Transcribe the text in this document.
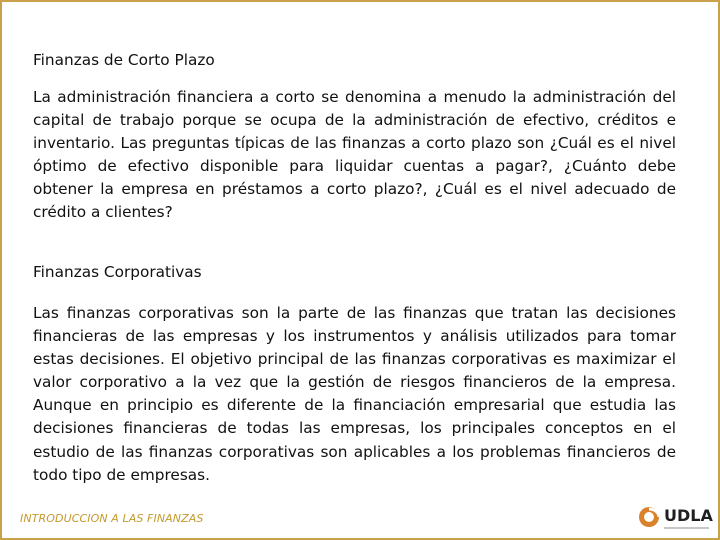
Finanzas de Corto Plazo
La administración financiera a corto se denomina a menudo la administración del capital de trabajo porque se ocupa de la administración de efectivo, créditos e inventario. Las preguntas típicas de las finanzas a corto plazo son ¿Cuál es el nivel óptimo de efectivo disponible para liquidar cuentas a pagar?, ¿Cuánto debe obtener la empresa en préstamos a corto plazo?, ¿Cuál es el nivel adecuado de crédito a clientes?
Finanzas Corporativas
Las finanzas corporativas son la parte de las finanzas que tratan las decisiones financieras de las empresas y los instrumentos y análisis utilizados para tomar estas decisiones. El objetivo principal de las finanzas corporativas es maximizar el valor corporativo a la vez que la gestión de riesgos financieros de la empresa. Aunque en principio es diferente de la financiación empresarial que estudia las decisiones financieras de todas las empresas, los principales conceptos en el estudio de las finanzas corporativas son aplicables a los problemas financieros de todo tipo de empresas.
INTRODUCCION A LAS FINANZAS	UDLA
